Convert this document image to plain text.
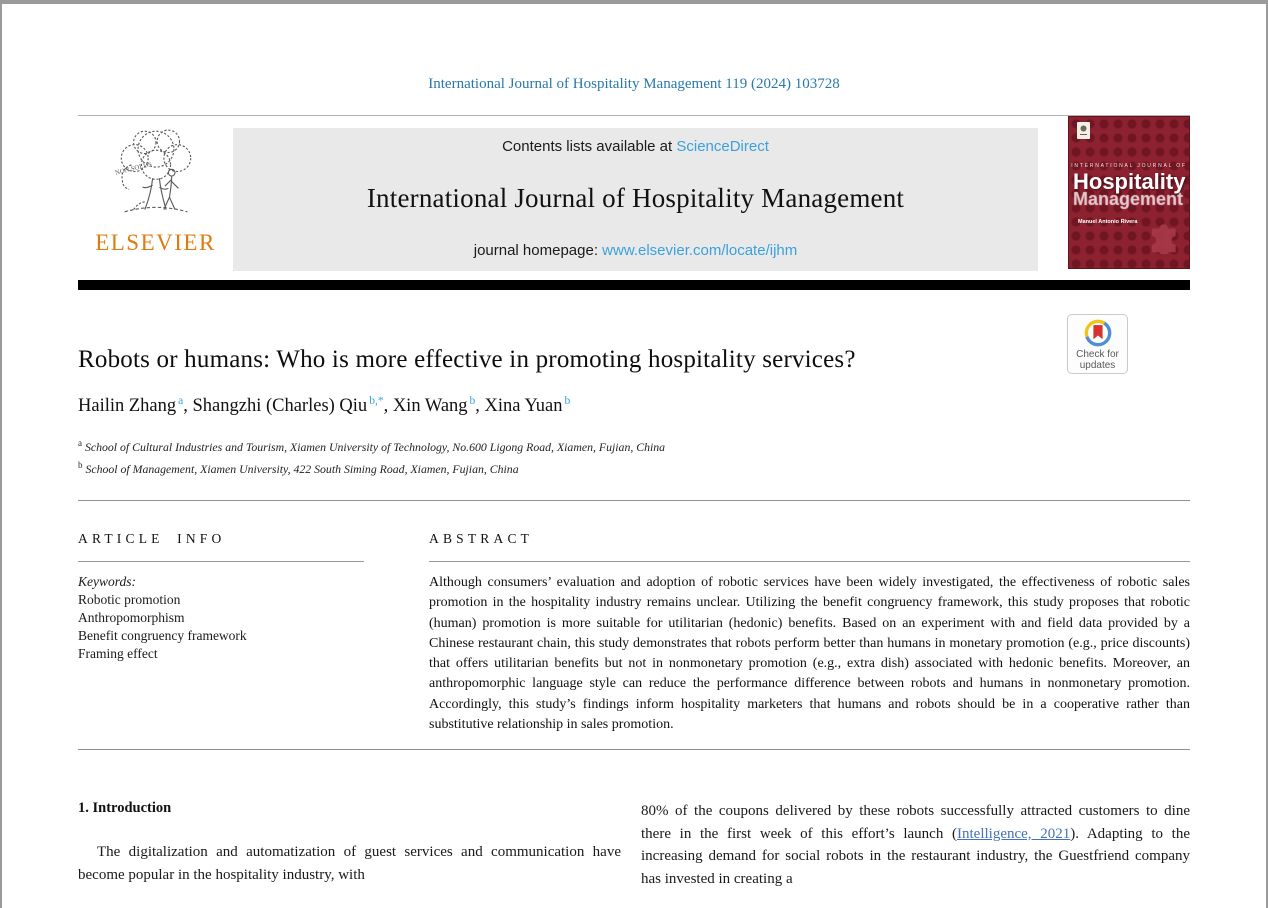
International Journal of Hospitality Management 119 (2024) 103728
NON SOLUS
ELSEVIER
Contents lists available at ScienceDirect
International Journal of Hospitality Management
journal homepage: www.elsevier.com/locate/ijhm
INTERNATIONAL JOURNAL OF
Hospitality
Management
Manuel Antonio Rivera
Robots or humans: Who is more effective in promoting hospitality services?	Check for updates
Hailin Zhang $^a$, Shangzhi (Charles) Qiu $^{b,*}$, Xin Wang $^b$, Xina Yuan $^b$
$^a$ School of Cultural Industries and Tourism, Xiamen University of Technology, No.600 Ligong Road, Xiamen, Fujian, China
$^b$ School of Management, Xiamen University, 422 South Siming Road, Xiamen, Fujian, China
ARTICLE INFO
Keywords:
Robotic promotion
Anthropomorphism
Benefit congruency framework
Framing effect
ABSTRACT

Although consumers’ evaluation and adoption of robotic services have been widely investigated, the effectiveness of robotic sales promotion in the hospitality industry remains unclear. Utilizing the benefit congruency framework, this study proposes that robotic (human) promotion is more suitable for utilitarian (hedonic) benefits. Based on an experiment with and field data provided by a Chinese restaurant chain, this study demonstrates that robots perform better than humans in monetary promotion (e.g., price discounts) that offers utilitarian benefits but not in nonmonetary promotion (e.g., extra dish) associated with hedonic benefits. Moreover, an anthropomorphic language style can reduce the performance difference between robots and humans in nonmonetary promotion. Accordingly, this study’s findings inform hospitality marketers that humans and robots should be in a cooperative rather than substitutive relationship in sales promotion.

1. Introduction

The digitalization and automatization of guest services and communication have become popular in the hospitality industry, with

80% of the coupons delivered by these robots successfully attracted customers to dine there in the first week of this effort’s launch (Intelligence, 2021). Adapting to the increasing demand for social robots in the restaurant industry, the Guestfriend company has invested in creating a
